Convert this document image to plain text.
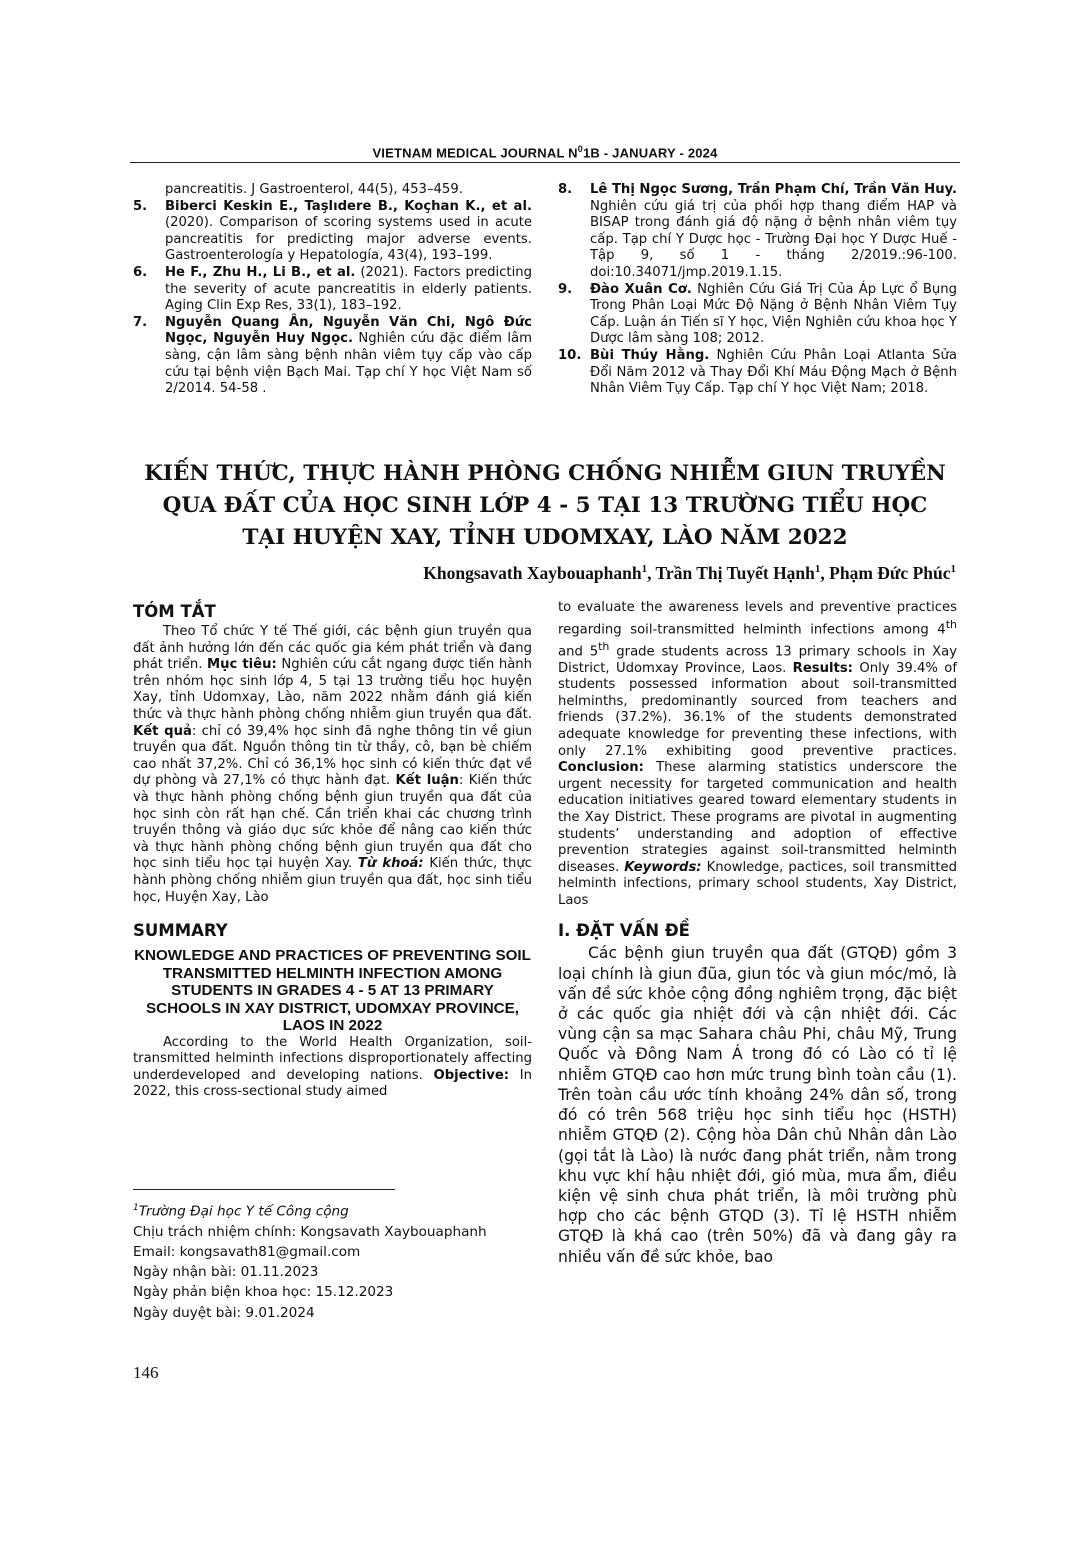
VIETNAM MEDICAL JOURNAL $N^01B$ - JANUARY - 2024
pancreatitis. J Gastroenterol, 44(5), 453–459.
5.	Biberci Keskin E., Taşlıdere B., Koçhan K., et al. (2020). Comparison of scoring systems used in acute pancreatitis for predicting major adverse events. Gastroenterología y Hepatología, 43(4), 193–199.
6.	He F., Zhu H., Li B., et al. (2021). Factors predicting the severity of acute pancreatitis in elderly patients. Aging Clin Exp Res, 33(1), 183–192.
7.	Nguyễn Quang Ân, Nguyễn Văn Chi, Ngô Đức Ngọc, Nguyễn Huy Ngọc. Nghiên cứu đặc điểm lâm sàng, cận lâm sàng bệnh nhân viêm tụy cấp vào cấp cứu tại bệnh viện Bạch Mai. Tạp chí Y học Việt Nam số 2/2014. 54-58 .
8.	Lê Thị Ngọc Sương, Trần Phạm Chí, Trần Văn Huy. Nghiên cứu giá trị của phối hợp thang điểm HAP và BISAP trong đánh giá độ nặng ở bệnh nhân viêm tụy cấp. Tạp chí Y Dược học - Trường Đại học Y Dược Huế - Tập 9, số 1 - tháng 2/2019.:96-100. doi:10.34071/jmp.2019.1.15.
9.	Đào Xuân Cơ. Nghiên Cứu Giá Trị Của Áp Lực ổ Bụng Trong Phân Loại Mức Độ Nặng ở Bệnh Nhân Viêm Tụy Cấp. Luận án Tiến sĩ Y học, Viện Nghiên cứu khoa học Y Dược lâm sàng 108; 2012.
10. Bùi Thúy Hằng. Nghiên Cứu Phân Loại Atlanta Sửa Đổi Năm 2012 và Thay Đổi Khí Máu Động Mạch ở Bệnh Nhân Viêm Tụy Cấp. Tạp chí Y học Việt Nam; 2018.
KIẾN THỨC, THỰC HÀNH PHÒNG CHỐNG NHIỄM GIUN TRUYỀN
QUA ĐẤT CỦA HỌC SINH LỚP 4 - 5 TẠI 13 TRƯỜNG TIỂU HỌC
TẠI HUYỆN XAY, TỈNH UDOMXAY, LÀO NĂM 2022
Khongsavath Xaybouaphanh$^1$, Trần Thị Tuyết Hạnh$^1$, Phạm Đức Phúc$^1$
TÓM TẮT

Theo Tổ chức Y tế Thế giới, các bệnh giun truyền qua đất ảnh hưởng lớn đến các quốc gia kém phát triển và đang phát triển. Mục tiêu: Nghiên cứu cắt ngang được tiến hành trên nhóm học sinh lớp 4, 5 tại 13 trường tiểu học huyện Xay, tỉnh Udomxay, Lào, năm 2022 nhằm đánh giá kiến thức và thực hành phòng chống nhiễm giun truyền qua đất. Kết quả: chỉ có 39,4% học sinh đã nghe thông tin về giun truyền qua đất. Nguồn thông tin từ thầy, cô, bạn bè chiếm cao nhất 37,2%. Chỉ có 36,1% học sinh có kiến thức đạt về dự phòng và 27,1% có thực hành đạt. Kết luận: Kiến thức và thực hành phòng chống bệnh giun truyền qua đất của học sinh còn rất hạn chế. Cần triển khai các chương trình truyền thông và giáo dục sức khỏe để nâng cao kiến thức và thực hành phòng chống bệnh giun truyền qua đất cho học sinh tiểu học tại huyện Xay. Từ khoá: Kiến thức, thực hành phòng chống nhiễm giun truyền qua đất, học sinh tiểu học, Huyện Xay, Lào

SUMMARY
KNOWLEDGE AND PRACTICES OF PREVENTING SOIL TRANSMITTED HELMINTH INFECTION AMONG STUDENTS IN GRADES 4 - 5 AT 13 PRIMARY SCHOOLS IN XAY DISTRICT, UDOMXAY PROVINCE, LAOS IN 2022

According to the World Health Organization, soil-transmitted helminth infections disproportionately affecting underdeveloped and developing nations. Objective: In 2022, this cross-sectional study aimed

to evaluate the awareness levels and preventive practices regarding soil-transmitted helminth infections among 4th and 5th grade students across 13 primary schools in Xay District, Udomxay Province, Laos. Results: Only 39.4% of students possessed information about soil-transmitted helminths, predominantly sourced from teachers and friends (37.2%). 36.1% of the students demonstrated adequate knowledge for preventing these infections, with only 27.1% exhibiting good preventive practices. Conclusion: These alarming statistics underscore the urgent necessity for targeted communication and health education initiatives geared toward elementary students in the Xay District. These programs are pivotal in augmenting students’ understanding and adoption of effective prevention strategies against soil-transmitted helminth diseases. Keywords: Knowledge, pactices, soil transmitted helminth infections, primary school students, Xay District, Laos

I. ĐẶT VẤN ĐỀ

Các bệnh giun truyền qua đất (GTQĐ) gồm 3 loại chính là giun đũa, giun tóc và giun móc/mỏ, là vấn đề sức khỏe cộng đồng nghiêm trọng, đặc biệt ở các quốc gia nhiệt đới và cận nhiệt đới. Các vùng cận sa mạc Sahara châu Phi, châu Mỹ, Trung Quốc và Đông Nam Á trong đó có Lào có tỉ lệ nhiễm GTQĐ cao hơn mức trung bình toàn cầu (1). Trên toàn cầu ước tính khoảng 24% dân số, trong đó có trên 568 triệu học sinh tiểu học (HSTH) nhiễm GTQĐ (2). Cộng hòa Dân chủ Nhân dân Lào (gọi tắt là Lào) là nước đang phát triển, nằm trong khu vực khí hậu nhiệt đới, gió mùa, mưa ẩm, điều kiện vệ sinh chưa phát triển, là môi trường phù hợp cho các bệnh GTQD (3). Tỉ lệ HSTH nhiễm GTQĐ là khá cao (trên 50%) đã và đang gây ra nhiều vấn đề sức khỏe, bao

$^1$Trường Đại học Y tế Công cộng
Chịu trách nhiệm chính: Kongsavath Xaybouaphanh
Email: kongsavath81@gmail.com
Ngày nhận bài: 01.11.2023
Ngày phản biện khoa học: 15.12.2023
Ngày duyệt bài: 9.01.2024
146
